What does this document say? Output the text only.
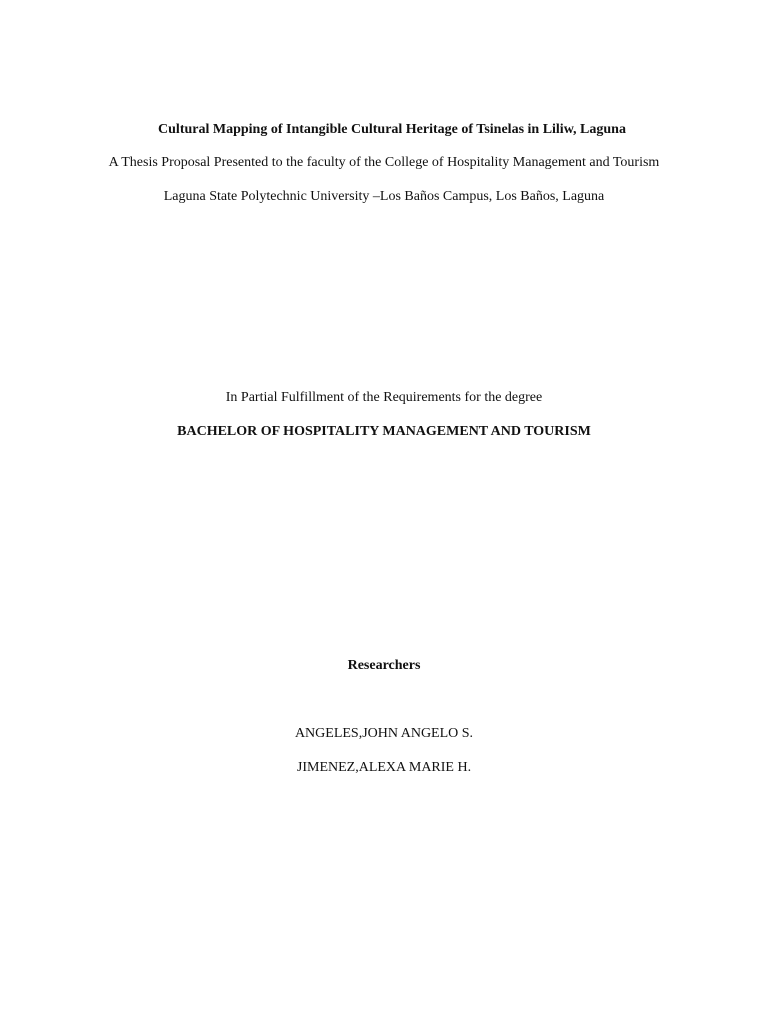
Cultural Mapping of Intangible Cultural Heritage of Tsinelas in Liliw, Laguna
A Thesis Proposal Presented to the faculty of the College of Hospitality Management and Tourism
Laguna State Polytechnic University –Los Baños Campus, Los Baños, Laguna
In Partial Fulfillment of the Requirements for the degree
BACHELOR OF HOSPITALITY MANAGEMENT AND TOURISM
Researchers
ANGELES,JOHN ANGELO S.
JIMENEZ,ALEXA MARIE H.
